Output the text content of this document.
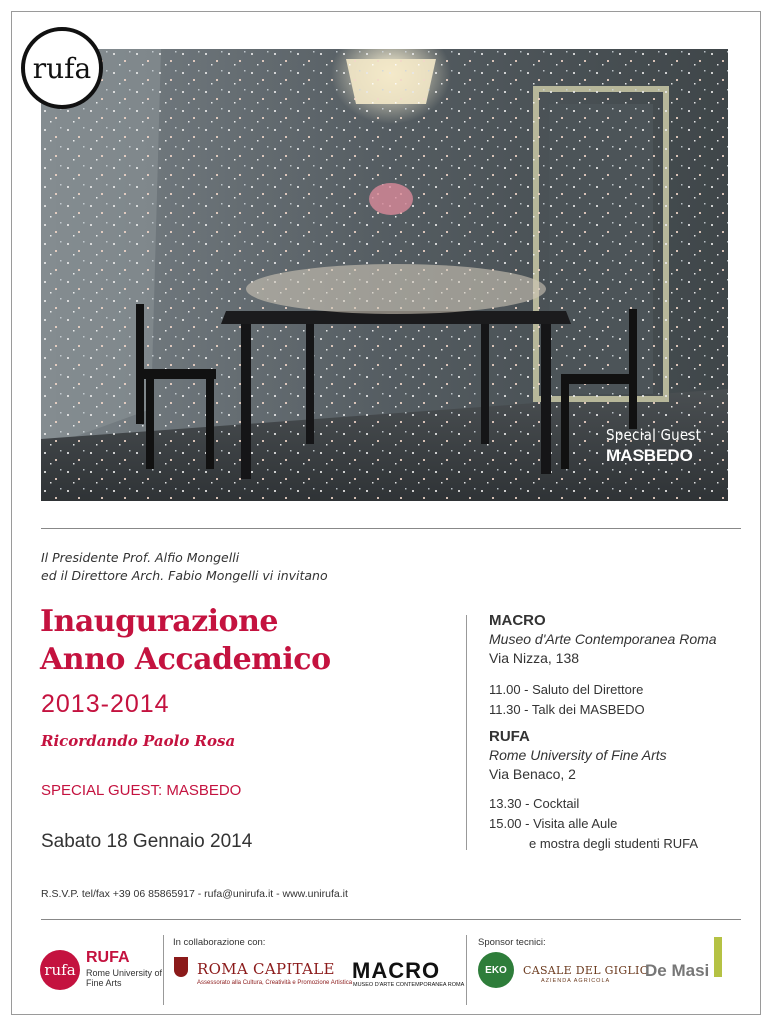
rufa
Special Guest
MASBEDO
Il Presidente Prof. Alfio Mongelli
ed il Direttore Arch. Fabio Mongelli vi invitano
Inaugurazione
Anno Accademico
2013-2014
Ricordando Paolo Rosa
SPECIAL GUEST: MASBEDO
Sabato 18 Gennaio 2014
R.S.V.P. tel/fax +39 06 85865917 - rufa@unirufa.it - www.unirufa.it
MACRO
Museo d'Arte Contemporanea Roma
Via Nizza, 138
11.00 - Saluto del Direttore
11.30 - Talk dei MASBEDO
RUFA
Rome University of Fine Arts
Via Benaco, 2
13.30 - Cocktail
15.00 - Visita alle Aule
e mostra degli studenti RUFA
rufa
RUFA
Rome University of Fine Arts
In collaborazione con:
ROMA CAPITALE
Assessorato alla Cultura, Creatività e Promozione Artistica MACRO
MUSEO D'ARTE CONTEMPORANEA ROMA
Sponsor tecnici:
EKO CASALE DEL GIGLIO
AZIENDA AGRICOLA
De Masi
